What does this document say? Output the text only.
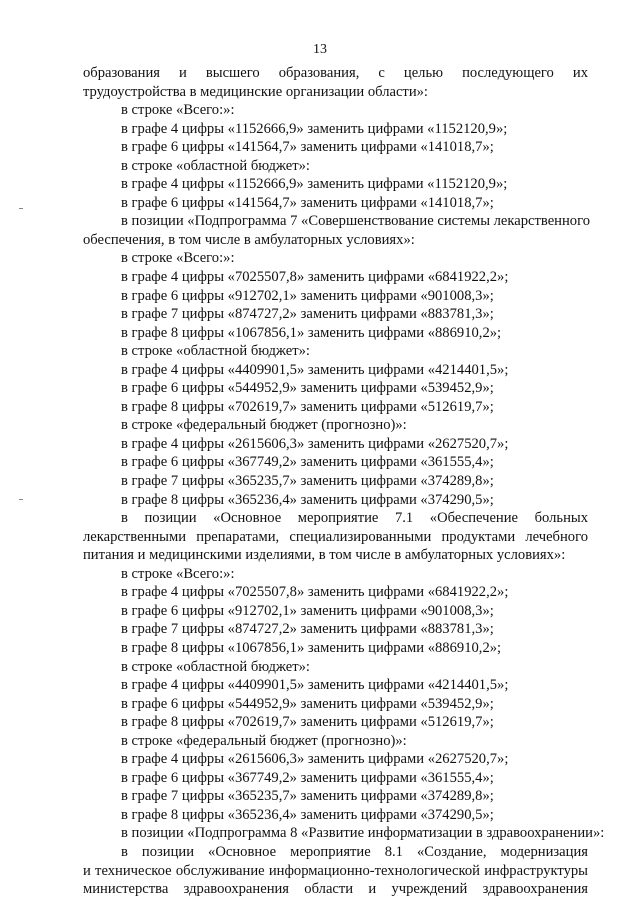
13
образования и высшего образования, с целью последующего их
трудоустройства в медицинские организации области»:
в строке «Всего:»:
в графе 4 цифры «1152666,9» заменить цифрами «1152120,9»;
в графе 6 цифры «141564,7» заменить цифрами «141018,7»;
в строке «областной бюджет»:
в графе 4 цифры «1152666,9» заменить цифрами «1152120,9»;
в графе 6 цифры «141564,7» заменить цифрами «141018,7»;
в позиции «Подпрограмма 7 «Совершенствование системы лекарственного
обеспечения, в том числе в амбулаторных условиях»:
в строке «Всего:»:
в графе 4 цифры «7025507,8» заменить цифрами «6841922,2»;
в графе 6 цифры «912702,1» заменить цифрами «901008,3»;
в графе 7 цифры «874727,2» заменить цифрами «883781,3»;
в графе 8 цифры «1067856,1» заменить цифрами «886910,2»;
в строке «областной бюджет»:
в графе 4 цифры «4409901,5» заменить цифрами «4214401,5»;
в графе 6 цифры «544952,9» заменить цифрами «539452,9»;
в графе 8 цифры «702619,7» заменить цифрами «512619,7»;
в строке «федеральный бюджет (прогнозно)»:
в графе 4 цифры «2615606,3» заменить цифрами «2627520,7»;
в графе 6 цифры «367749,2» заменить цифрами «361555,4»;
в графе 7 цифры «365235,7» заменить цифрами «374289,8»;
в графе 8 цифры «365236,4» заменить цифрами «374290,5»;
в позиции «Основное мероприятие 7.1 «Обеспечение больных
лекарственными препаратами, специализированными продуктами лечебного
питания и медицинскими изделиями, в том числе в амбулаторных условиях»:
в строке «Всего:»:
в графе 4 цифры «7025507,8» заменить цифрами «6841922,2»;
в графе 6 цифры «912702,1» заменить цифрами «901008,3»;
в графе 7 цифры «874727,2» заменить цифрами «883781,3»;
в графе 8 цифры «1067856,1» заменить цифрами «886910,2»;
в строке «областной бюджет»:
в графе 4 цифры «4409901,5» заменить цифрами «4214401,5»;
в графе 6 цифры «544952,9» заменить цифрами «539452,9»;
в графе 8 цифры «702619,7» заменить цифрами «512619,7»;
в строке «федеральный бюджет (прогнозно)»:
в графе 4 цифры «2615606,3» заменить цифрами «2627520,7»;
в графе 6 цифры «367749,2» заменить цифрами «361555,4»;
в графе 7 цифры «365235,7» заменить цифрами «374289,8»;
в графе 8 цифры «365236,4» заменить цифрами «374290,5»;
в позиции «Подпрограмма 8 «Развитие информатизации в здравоохранении»:
в позиции «Основное мероприятие 8.1 «Создание, модернизация
и техническое обслуживание информационно-технологической инфраструктуры
министерства здравоохранения области и учреждений здравоохранения
